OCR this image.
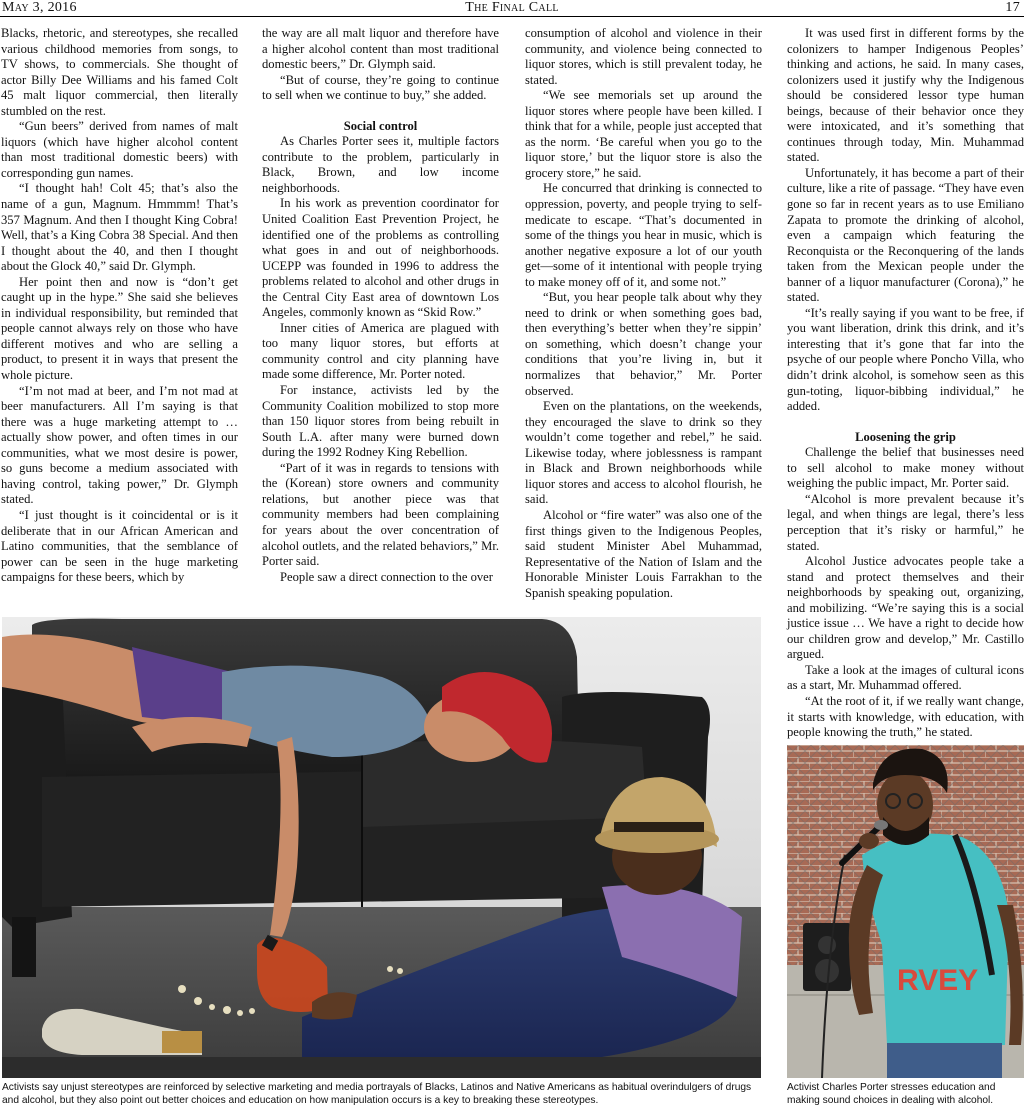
May 3, 2016	The Final Call	17

Blacks, rhetoric, and stereotypes, she recalled various childhood memories from songs, to TV shows, to commercials. She thought of actor Billy Dee Williams and his famed Colt 45 malt liquor commercial, then literally stumbled on the rest.

“Gun beers” derived from names of malt liquors (which have higher alcohol content than most traditional domestic beers) with corresponding gun names.

“I thought hah! Colt 45; that’s also the name of a gun, Magnum. Hmmmm! That’s 357 Magnum. And then I thought King Cobra! Well, that’s a King Cobra 38 Special. And then I thought about the 40, and then I thought about the Glock 40,” said Dr. Glymph.

Her point then and now is “don’t get caught up in the hype.” She said she believes in individual responsibility, but reminded that people cannot always rely on those who have different motives and who are selling a product, to present it in ways that present the whole picture.

“I’m not mad at beer, and I’m not mad at beer manufacturers. All I’m saying is that there was a huge marketing attempt to … actually show power, and often times in our communities, what we most desire is power, so guns become a medium associated with having control, taking power,” Dr. Glymph stated.

“I just thought is it coincidental or is it deliberate that in our African American and Latino communities, that the semblance of power can be seen in the huge marketing campaigns for these beers, which by

the way are all malt liquor and therefore have a higher alcohol content than most traditional domestic beers,” Dr. Glymph said.

“But of course, they’re going to continue to sell when we continue to buy,” she added.

Social control

As Charles Porter sees it, multiple factors contribute to the problem, particularly in Black, Brown, and low income neighborhoods.

In his work as prevention coordinator for United Coalition East Prevention Project, he identified one of the problems as controlling what goes in and out of neighborhoods. UCEPP was founded in 1996 to address the problems related to alcohol and other drugs in the Central City East area of downtown Los Angeles, commonly known as “Skid Row.”

Inner cities of America are plagued with too many liquor stores, but efforts at community control and city planning have made some difference, Mr. Porter noted.

For instance, activists led by the Community Coalition mobilized to stop more than 150 liquor stores from being rebuilt in South L.A. after many were burned down during the 1992 Rodney King Rebellion.

“Part of it was in regards to tensions with the (Korean) store owners and community relations, but another piece was that community members had been complaining for years about the over concentration of alcohol outlets, and the related behaviors,” Mr. Porter said.

People saw a direct connection to the over

consumption of alcohol and violence in their community, and violence being connected to liquor stores, which is still prevalent today, he stated.

“We see memorials set up around the liquor stores where people have been killed. I think that for a while, people just accepted that as the norm. ‘Be careful when you go to the liquor store,’ but the liquor store is also the grocery store,” he said.

He concurred that drinking is connected to oppression, poverty, and people trying to self-medicate to escape. “That’s documented in some of the things you hear in music, which is another negative exposure a lot of our youth get—some of it intentional with people trying to make money off of it, and some not.”

“But, you hear people talk about why they need to drink or when something goes bad, then everything’s better when they’re sippin’ on something, which doesn’t change your conditions that you’re living in, but it normalizes that behavior,” Mr. Porter observed.

Even on the plantations, on the weekends, they encouraged the slave to drink so they wouldn’t come together and rebel,” he said. Likewise today, where joblessness is rampant in Black and Brown neighborhoods while liquor stores and access to alcohol flourish, he said.

Alcohol or “fire water” was also one of the first things given to the Indigenous Peoples, said student Minister Abel Muhammad, Representative of the Nation of Islam and the Honorable Minister Louis Farrakhan to the Spanish speaking population.

It was used first in different forms by the colonizers to hamper Indigenous Peoples’ thinking and actions, he said. In many cases, colonizers used it justify why the Indigenous should be considered lessor type human beings, because of their behavior once they were intoxicated, and it’s something that continues through today, Min. Muhammad stated.

Unfortunately, it has become a part of their culture, like a rite of passage. “They have even gone so far in recent years as to use Emiliano Zapata to promote the drinking of alcohol, even a campaign which featuring the Reconquista or the Reconquering of the lands taken from the Mexican people under the banner of a liquor manufacturer (Corona),” he stated.

“It’s really saying if you want to be free, if you want liberation, drink this drink, and it’s interesting that it’s gone that far into the psyche of our people where Poncho Villa, who didn’t drink alcohol, is somehow seen as this gun-toting, liquor-bibbing individual,” he added.

Loosening the grip

Challenge the belief that businesses need to sell alcohol to make money without weighing the public impact, Mr. Porter said.

“Alcohol is more prevalent because it’s legal, and when things are legal, there’s less perception that it’s risky or harmful,” he stated.

Alcohol Justice advocates people take a stand and protect themselves and their neighborhoods by speaking out, organizing, and mobilizing. “We’re saying this is a social justice issue … We have a right to decide how our children grow and develop,” Mr. Castillo argued.

Take a look at the images of cultural icons as a start, Mr. Muhammad offered.

“At the root of it, if we really want change, it starts with knowledge, with education, with people knowing the truth,” he stated.

RVEY
Activists say unjust stereotypes are reinforced by selective marketing and media portrayals of Blacks, Latinos and Native Americans as habitual overindulgers of drugs and alcohol, but they also point out better choices and education on how manipulation occurs is a key to breaking these stereotypes.
Activist Charles Porter stresses education and making sound choices in dealing with alcohol.
